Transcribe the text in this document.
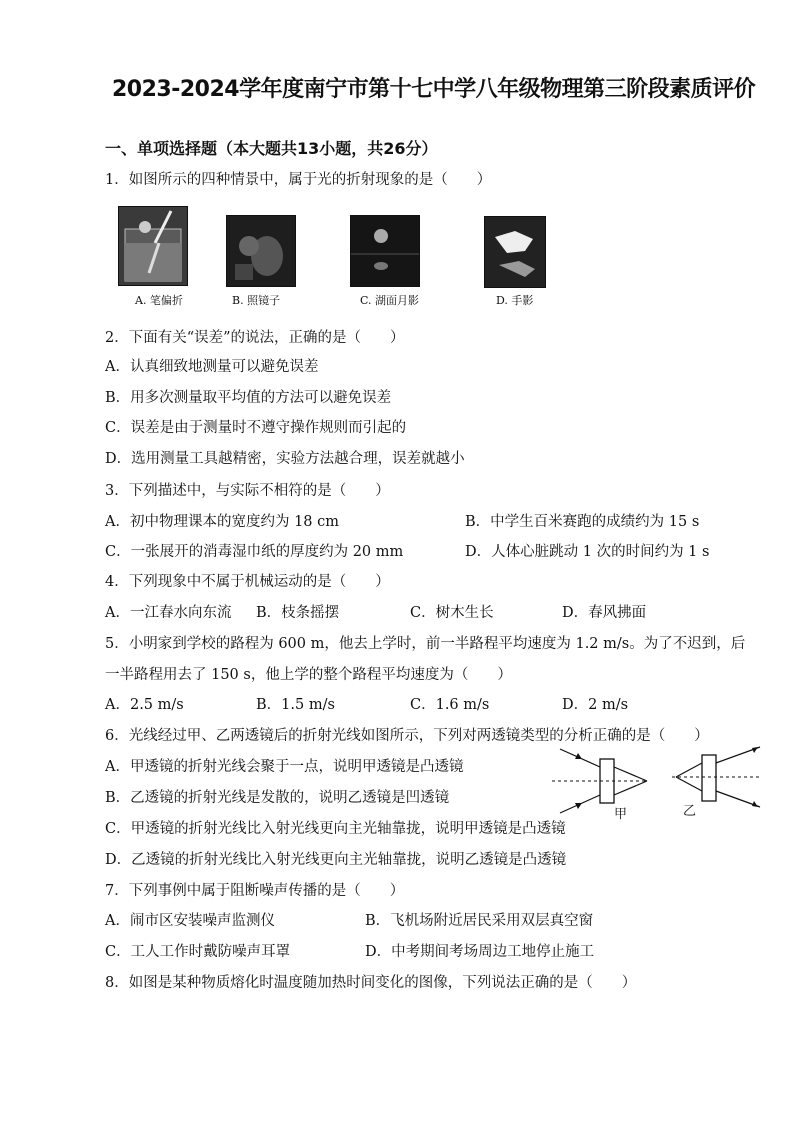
2023-2024学年度南宁市第十七中学八年级物理第三阶段素质评价
一、单项选择题（本大题共13小题，共26分）
1．如图所示的四种情景中，属于光的折射现象的是（　　）
A. 笔偏折	B. 照镜子	C. 湖面月影	D. 手影
2．下面有关“误差”的说法，正确的是（　　）
A．认真细致地测量可以避免误差
B．用多次测量取平均值的方法可以避免误差
C．误差是由于测量时不遵守操作规则而引起的
D．选用测量工具越精密，实验方法越合理，误差就越小
3．下列描述中，与实际不相符的是（　　）
A．初中物理课本的宽度约为 18 cm	B．中学生百米赛跑的成绩约为 15 s
C．一张展开的消毒湿巾纸的厚度约为 20 mm	D．人体心脏跳动 1 次的时间约为 1 s
4．下列现象中不属于机械运动的是（　　）
A．一江春水向东流 B．枝条摇摆	C．树木生长	D．春风拂面
5．小明家到学校的路程为 600 m，他去上学时，前一半路程平均速度为 1.2 m/s。为了不迟到，后
一半路程用去了 150 s，他上学的整个路程平均速度为（　　）
A．2.5 m/s	B．1.5 m/s	C．1.6 m/s	D．2 m/s
6．光线经过甲、乙两透镜后的折射光线如图所示，下列对两透镜类型的分析正确的是（　　）
A．甲透镜的折射光线会聚于一点，说明甲透镜是凸透镜
B．乙透镜的折射光线是发散的，说明乙透镜是凹透镜
C．甲透镜的折射光线比入射光线更向主光轴靠拢，说明甲透镜是凸透镜
D．乙透镜的折射光线比入射光线更向主光轴靠拢，说明乙透镜是凸透镜
甲	乙
7．下列事例中属于阻断噪声传播的是（　　）
A．闹市区安装噪声监测仪	B．飞机场附近居民采用双层真空窗
C．工人工作时戴防噪声耳罩	D．中考期间考场周边工地停止施工
8．如图是某种物质熔化时温度随加热时间变化的图像，下列说法正确的是（　　）
